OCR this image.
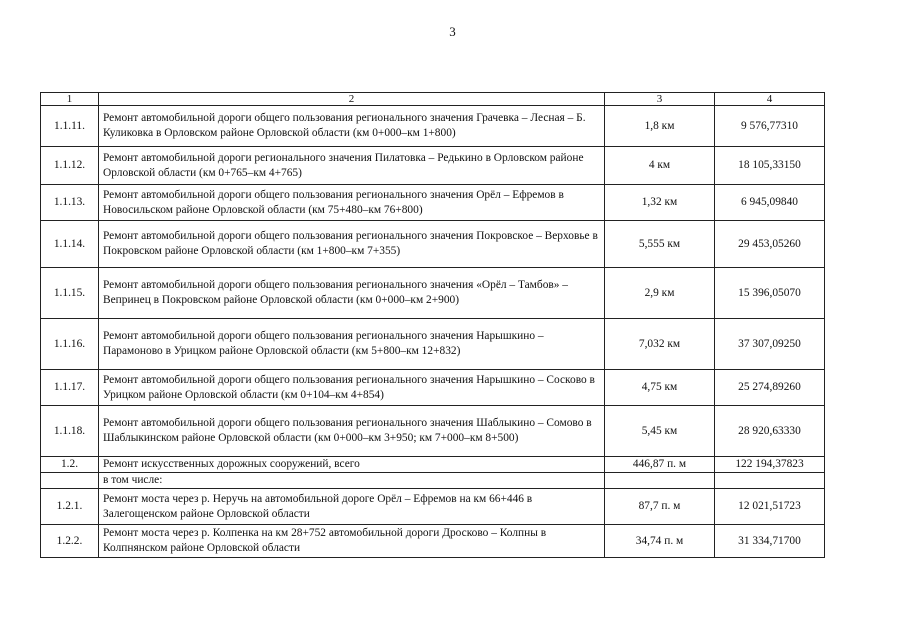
3
1	2	3	4
1.1.11.	Ремонт автомобильной дороги общего пользования регионального значения Грачевка – Лесная – Б. Куликовка в Орловском районе Орловской области (км 0+000–км 1+800)	1,8 км	9 576,77310
1.1.12.	Ремонт автомобильной дороги регионального значения Пилатовка – Редькино в Орловском районе Орловской области (км 0+765–км 4+765)	4 км	18 105,33150
1.1.13.	Ремонт автомобильной дороги общего пользования регионального значения Орёл – Ефремов в Новосильском районе Орловской области (км 75+480–км 76+800)	1,32 км	6 945,09840
1.1.14.	Ремонт автомобильной дороги общего пользования регионального значения Покровское – Верховье в Покровском районе Орловской области (км 1+800–км 7+355)	5,555 км	29 453,05260
1.1.15.	Ремонт автомобильной дороги общего пользования регионального значения «Орёл – Тамбов» – Вепринец в Покровском районе Орловской области (км 0+000–км 2+900)	2,9 км	15 396,05070
1.1.16.	Ремонт автомобильной дороги общего пользования регионального значения Нарышкино – Парамоново в Урицком районе Орловской области (км 5+800–км 12+832)	7,032 км	37 307,09250
1.1.17.	Ремонт автомобильной дороги общего пользования регионального значения Нарышкино – Сосково в Урицком районе Орловской области (км 0+104–км 4+854)	4,75 км	25 274,89260
1.1.18.	Ремонт автомобильной дороги общего пользования регионального значения Шаблыкино – Сомово в Шаблыкинском районе Орловской области (км 0+000–км 3+950; км 7+000–км 8+500)	5,45 км	28 920,63330
1.2.	Ремонт искусственных дорожных сооружений, всего	446,87 п. м	122 194,37823
	в том числе:		
1.2.1.	Ремонт моста через р. Неручь на автомобильной дороге Орёл – Ефремов на км 66+446 в Залегощенском районе Орловской области	87,7 п. м	12 021,51723
1.2.2.	Ремонт моста через р. Колпенка на км 28+752 автомобильной дороги Дросково – Колпны в Колпнянском районе Орловской области	34,74 п. м	31 334,71700
